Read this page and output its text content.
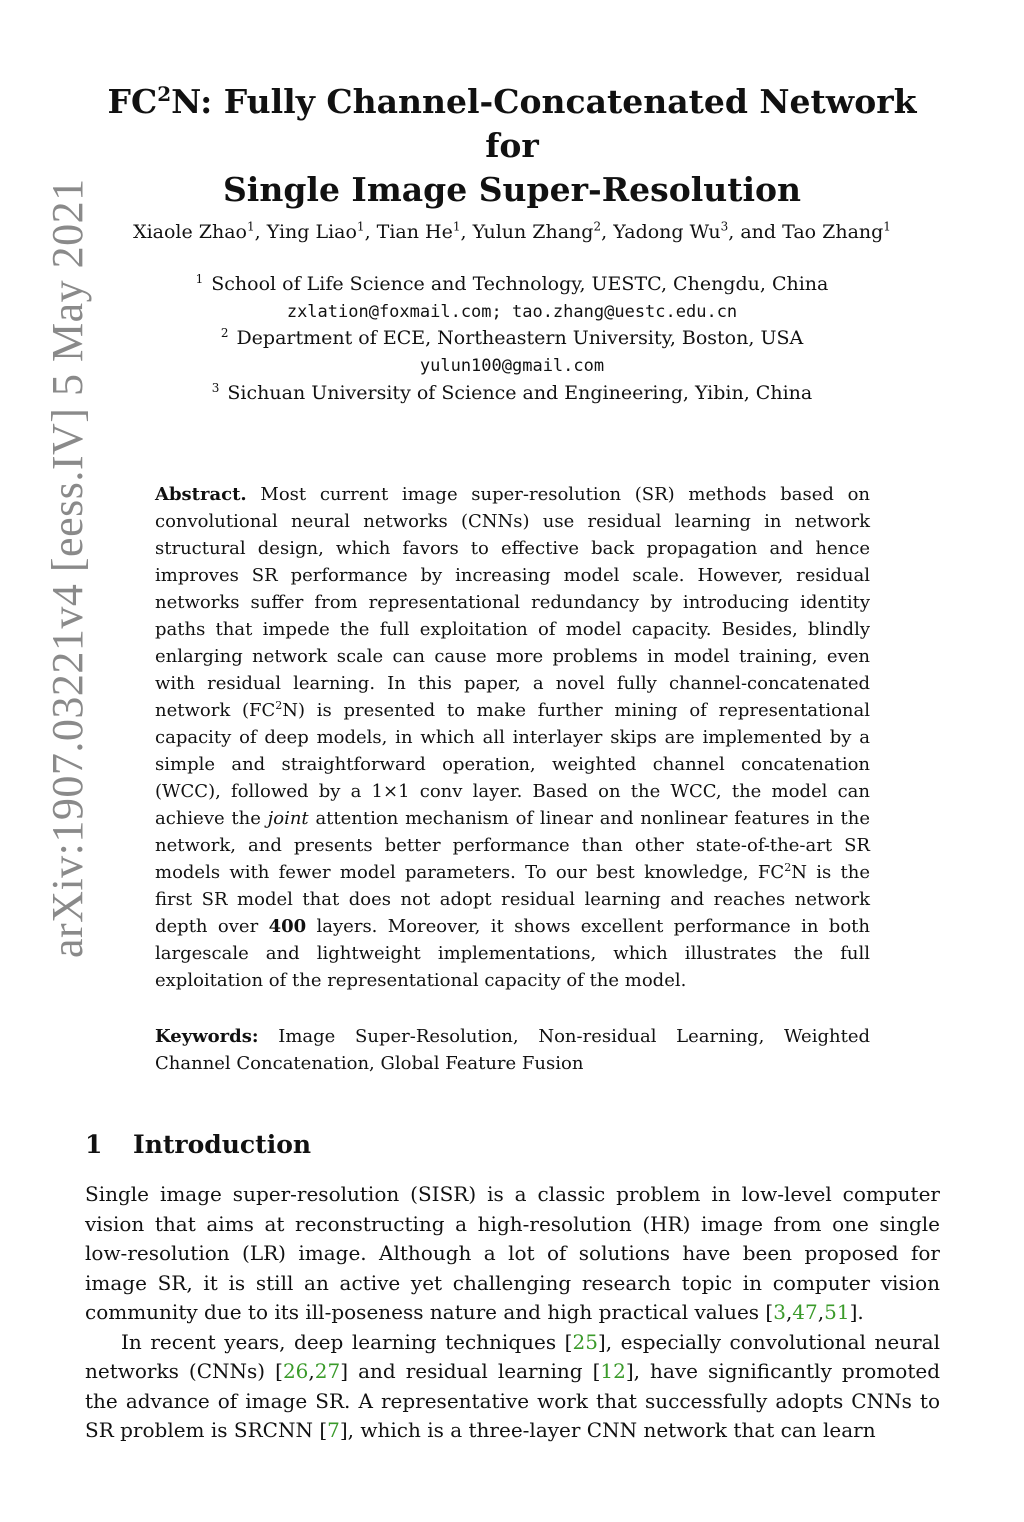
arXiv:1907.03221v4 [eess.IV] 5 May 2021
$FC^2N$: Fully Channel-Concatenated Network for
Single Image Super-Resolution
Xiaole Zhao$^1$, Ying Liao$^1$, Tian He$^1$, Yulun Zhang$^2$, Yadong Wu$^3$, and Tao Zhang$^1$
$^1$ School of Life Science and Technology, UESTC, Chengdu, China
zxlation@foxmail.com; tao.zhang@uestc.edu.cn
$^2$ Department of ECE, Northeastern University, Boston, USA
yulun100@gmail.com
$^3$ Sichuan University of Science and Engineering, Yibin, China
Abstract. Most current image super-resolution (SR) methods based on convolutional neural networks (CNNs) use residual learning in network structural design, which favors to effective back propagation and hence improves SR performance by increasing model scale. However, residual networks suffer from representational redundancy by introducing identity paths that impede the full exploitation of model capacity. Besides, blindly enlarging network scale can cause more problems in model training, even with residual learning. In this paper, a novel fully channel-concatenated network $(FC^2N)$ is presented to make further mining of representational capacity of deep models, in which all interlayer skips are implemented by a simple and straightforward operation, weighted channel concatenation (WCC), followed by a 1×1 conv layer. Based on the WCC, the model can achieve the joint attention mechanism of linear and nonlinear features in the network, and presents better performance than other state-of-the-art SR models with fewer model parameters. To our best knowledge, $FC^2N$ is the first SR model that does not adopt residual learning and reaches network depth over 400 layers. Moreover, it shows excellent performance in both largescale and lightweight implementations, which illustrates the full exploitation of the representational capacity of the model.
Keywords: Image Super-Resolution, Non-residual Learning, Weighted Channel Concatenation, Global Feature Fusion
1 Introduction

Single image super-resolution (SISR) is a classic problem in low-level computer vision that aims at reconstructing a high-resolution (HR) image from one single low-resolution (LR) image. Although a lot of solutions have been proposed for image SR, it is still an active yet challenging research topic in computer vision community due to its ill-poseness nature and high practical values [3,47,51].

In recent years, deep learning techniques [25], especially convolutional neural networks (CNNs) [26,27] and residual learning [12], have significantly promoted the advance of image SR. A representative work that successfully adopts CNNs to SR problem is SRCNN [7], which is a three-layer CNN network that can learn
